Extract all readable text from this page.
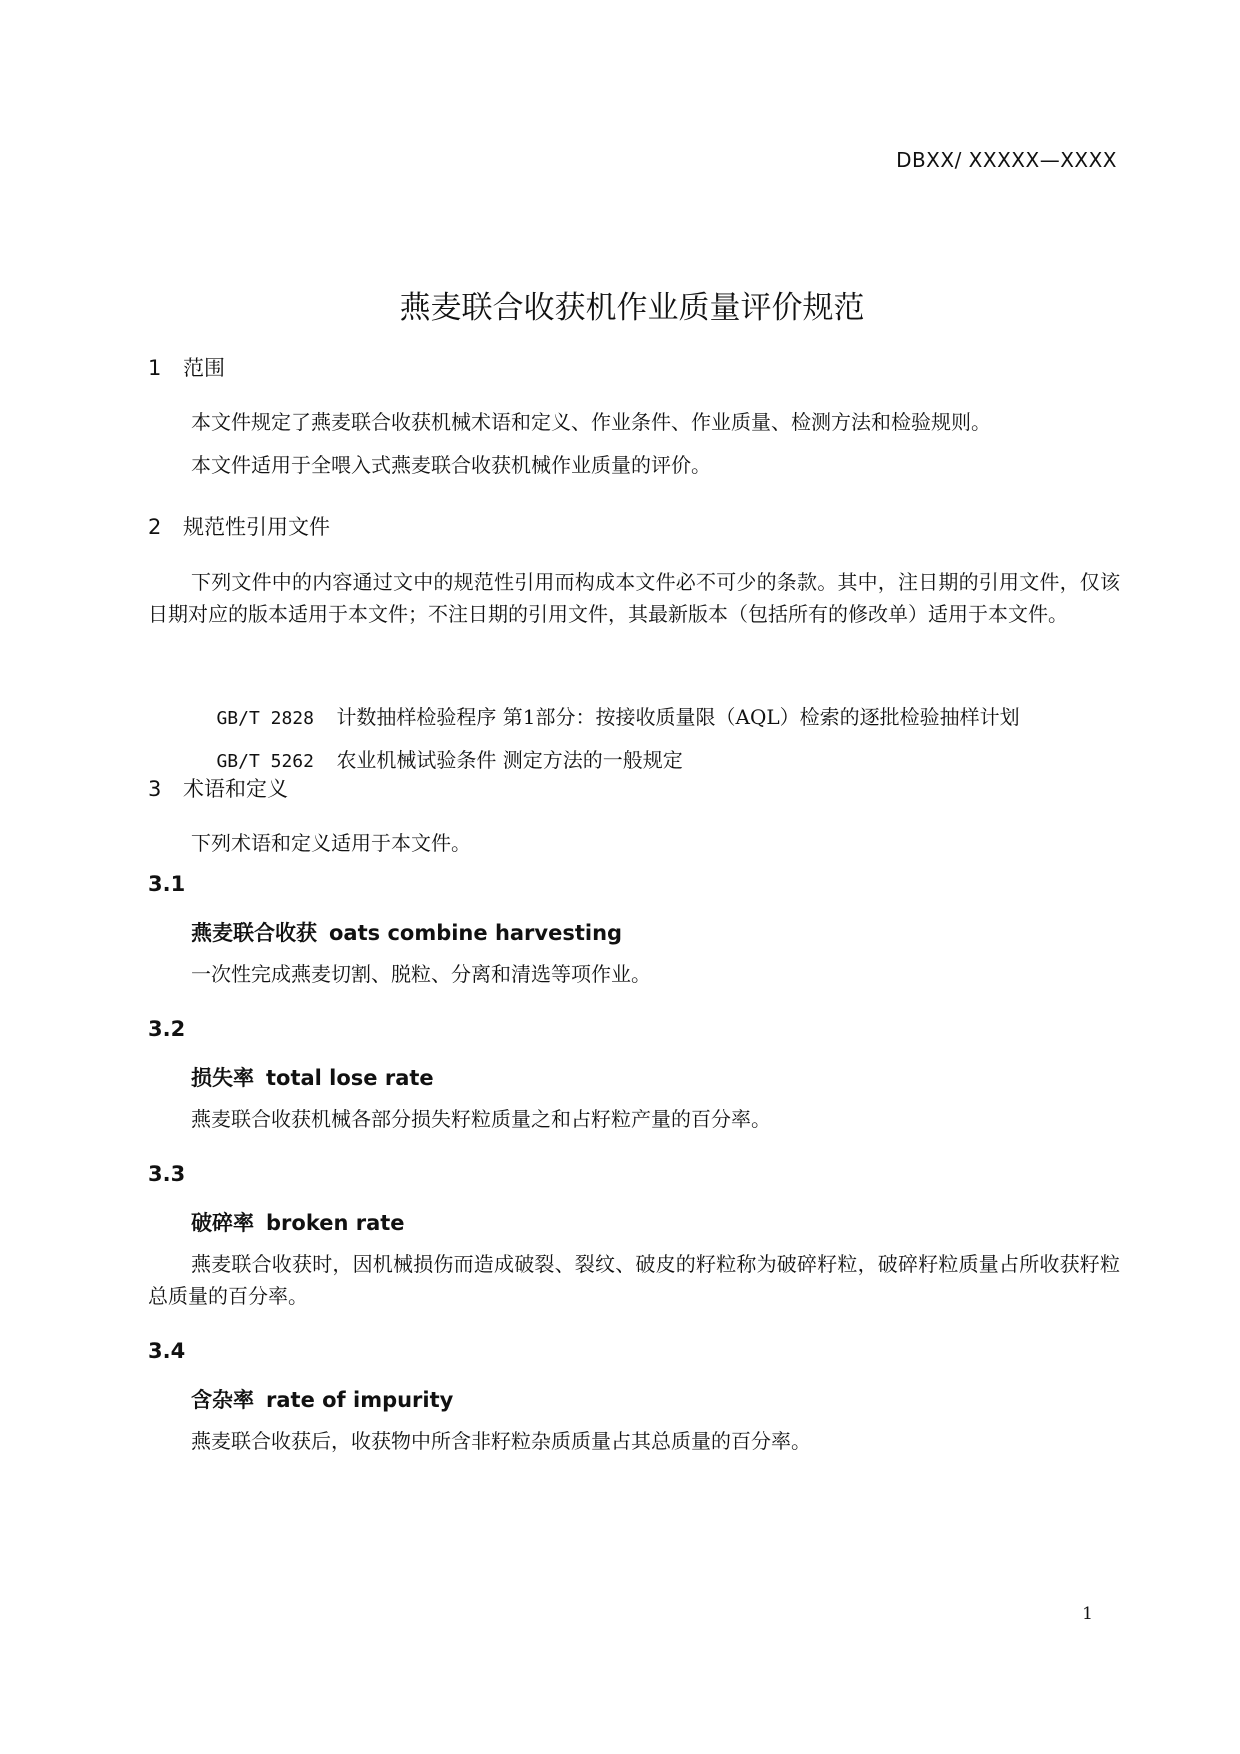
DBXX/ XXXXX—XXXX
燕麦联合收获机作业质量评价规范
1 范围
本文件规定了燕麦联合收获机械术语和定义、作业条件、作业质量、检测方法和检验规则。
本文件适用于全喂入式燕麦联合收获机械作业质量的评价。
2 规范性引用文件
下列文件中的内容通过文中的规范性引用而构成本文件必不可少的条款。其中，注日期的引用文件，仅该日期对应的版本适用于本文件；不注日期的引用文件，其最新版本（包括所有的修改单）适用于本文件。

GB/T 2828 计数抽样检验程序 第1部分：按接收质量限（AQL）检索的逐批检验抽样计划

GB/T 5262 农业机械试验条件 测定方法的一般规定

3 术语和定义
下列术语和定义适用于本文件。
3.1
燕麦联合收获 oats combine harvesting
一次性完成燕麦切割、脱粒、分离和清选等项作业。
3.2
损失率 total lose rate
燕麦联合收获机械各部分损失籽粒质量之和占籽粒产量的百分率。
3.3
破碎率 broken rate
燕麦联合收获时，因机械损伤而造成破裂、裂纹、破皮的籽粒称为破碎籽粒，破碎籽粒质量占所收获籽粒总质量的百分率。
3.4
含杂率 rate of impurity
燕麦联合收获后，收获物中所含非籽粒杂质质量占其总质量的百分率。
1
